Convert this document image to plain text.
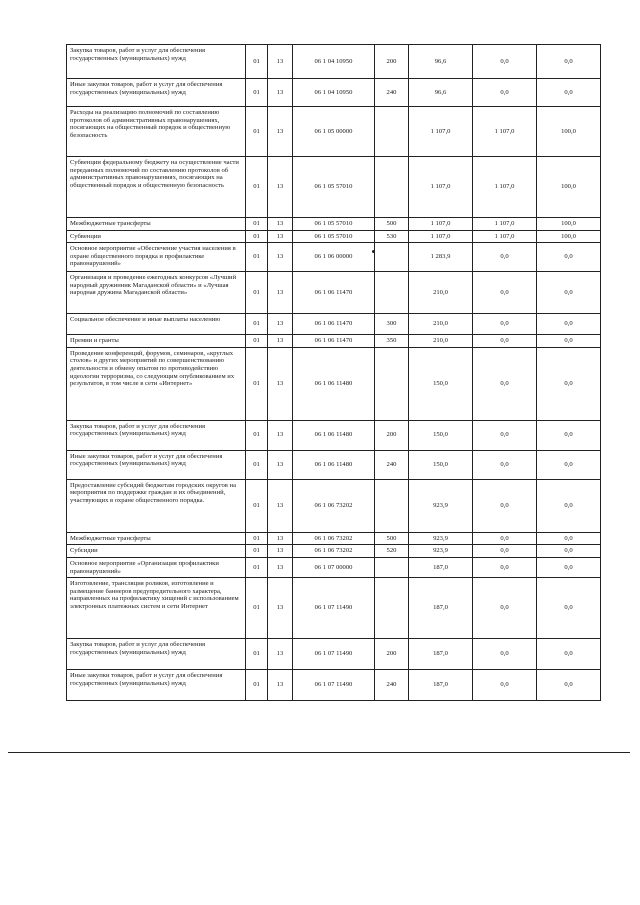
Закупка товаров, работ и услуг для обеспечения государственных (муниципальных) нужд	01	13	06 1 04 10950	200	96,6	0,0	0,0
Иные закупки товаров, работ и услуг для обеспечения государственных (муниципальных) нужд	01	13	06 1 04 10950	240	96,6	0,0	0,0
Расходы на реализацию полномочий по составлению протоколов об административных правонарушениях, посягающих на общественный порядок и общественную безопасность	01	13	06 1 05 00000		1 107,0	1 107,0	100,0
Субвенции федеральному бюджету на осуществление части переданных полномочий по составлению протоколов об административных правонарушениях, посягающих на общественный порядок и общественную безопасность	01	13	06 1 05 57010		1 107,0	1 107,0	100,0
Межбюджетные трансферты	01	13	06 1 05 57010	500	1 107,0	1 107,0	100,0
Субвенции	01	13	06 1 05 57010	530	1 107,0	1 107,0	100,0
Основное мероприятие «Обеспечение участия населения в охране общественного порядка и профилактике правонарушений»	01	13	06 1 06 00000		1 283,9	0,0	0,0
Организация и проведение ежегодных конкурсов «Лучший народный дружинник Магаданской области» и «Лучшая народная дружина Магаданской области»	01	13	06 1 06 11470		210,0	0,0	0,0
Социальное обеспечение и иные выплаты населению	01	13	06 1 06 11470	300	210,0	0,0	0,0
Премии и гранты	01	13	06 1 06 11470	350	210,0	0,0	0,0
Проведение конференций, форумов, семинаров, «круглых столов» и других мероприятий по совершенствованию деятельности и обмену опытом по противодействию идеологии терроризма, со следующим опубликованием их результатов, в том числе в сети «Интернет»	01	13	06 1 06 11480		150,0	0,0	0,0
Закупка товаров, работ и услуг для обеспечения государственных (муниципальных) нужд	01	13	06 1 06 11480	200	150,0	0,0	0,0
Иные закупки товаров, работ и услуг для обеспечения государственных (муниципальных) нужд	01	13	06 1 06 11480	240	150,0	0,0	0,0
Предоставление субсидий бюджетам городских округов на мероприятия по поддержке граждан и их объединений, участвующих в охране общественного порядка.	01	13	06 1 06 73202		923,9	0,0	0,0
Межбюджетные трансферты	01	13	06 1 06 73202	500	923,9	0,0	0,0
Субсидии	01	13	06 1 06 73202	520	923,9	0,0	0,0
Основное мероприятие «Организация профилактики правонарушений»	01	13	06 1 07 00000		187,0	0,0	0,0
Изготовление, трансляция роликов, изготовление и размещение баннеров предупредительного характера, направленных на профилактику хищений с использованием электронных платежных систем и сети Интернет	01	13	06 1 07 11490		187,0	0,0	0,0
Закупка товаров, работ и услуг для обеспечения государственных (муниципальных) нужд	01	13	06 1 07 11490	200	187,0	0,0	0,0
Иные закупки товаров, работ и услуг для обеспечения государственных (муниципальных) нужд	01	13	06 1 07 11490	240	187,0	0,0	0,0
